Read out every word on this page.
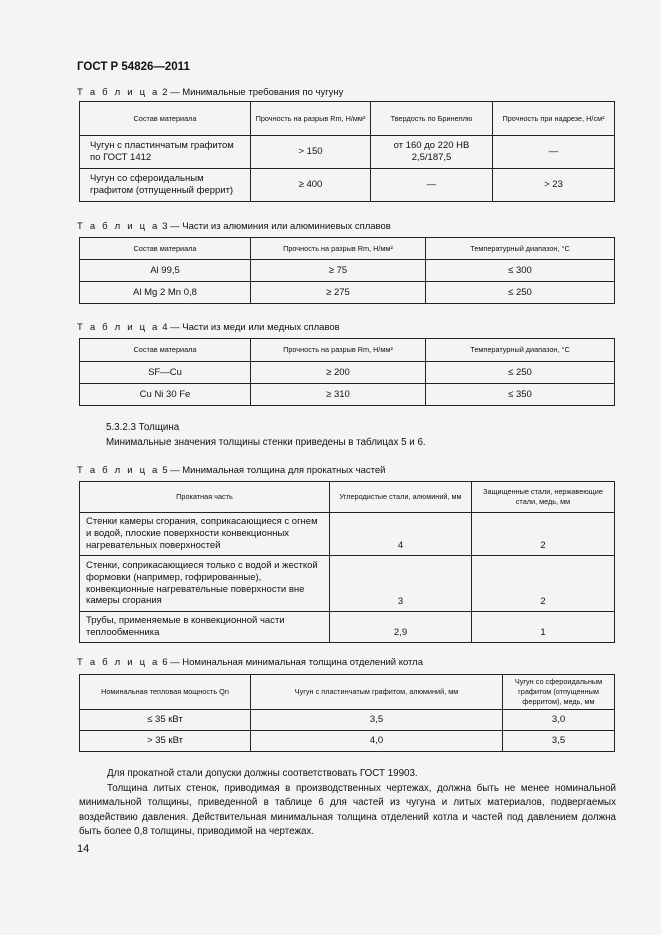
ГОСТ Р 54826—2011
Т а б л и ц а 2 — Минимальные требования по чугуну
Состав материала	Прочность на разрыв Rm, Н/мм²	Твердость по Бринеллю	Прочность при надрезе, Н/см²
Чугун с пластинчатым графитом по ГОСТ 1412	> 150	от 160 до 220 НВ 2,5/187,5	—
Чугун со сфероидальным графитом (отпущенный феррит)	≥ 400	—	> 23
Т а б л и ц а 3 — Части из алюминия или алюминиевых сплавов
Состав материала	Прочность на разрыв Rm, Н/мм²	Температурный диапазон, °С
Al 99,5	≥ 75	≤ 300
Al Mg 2 Mn 0,8	≥ 275	≤ 250
Т а б л и ц а 4 — Части из меди или медных сплавов
Состав материала	Прочность на разрыв Rm, Н/мм²	Температурный диапазон, °С
SF—Cu	≥ 200	≤ 250
Cu Ni 30 Fe	≥ 310	≤ 350
5.3.2.3 Толщина
Минимальные значения толщины стенки приведены в таблицах 5 и 6.
Т а б л и ц а 5 — Минимальная толщина для прокатных частей
Прокатная часть	Углеродистые стали, алюминий, мм	Защищенные стали, нержавеющие стали, медь, мм
Стенки камеры сгорания, соприкасающиеся с огнем и водой, плоские поверхности конвекционных нагревательных поверхностей	4	2
Стенки, соприкасающиеся только с водой и жесткой формовки (например, гофрированные), конвекционные нагревательные поверхности вне камеры сгорания	3	2
Трубы, применяемые в конвекционной части теплообменника	2,9	1
Т а б л и ц а 6 — Номинальная минимальная толщина отделений котла
Номинальная тепловая мощность Qn	Чугун с пластинчатым графитом, алюминий, мм	Чугун со сфероидальным графитом (отпущенным ферритом), медь, мм
≤ 35 кВт	3,5	3,0
> 35 кВт	4,0	3,5

Для прокатной стали допуски должны соответствовать ГОСТ 19903.

Толщина литых стенок, приводимая в производственных чертежах, должна быть не менее номинальной минимальной толщины, приведенной в таблице 6 для частей из чугуна и литых материалов, подвергаемых воздействию давления. Действительная минимальная толщина отделений котла и частей под давлением должна быть более 0,8 толщины, приводимой на чертежах.

14
